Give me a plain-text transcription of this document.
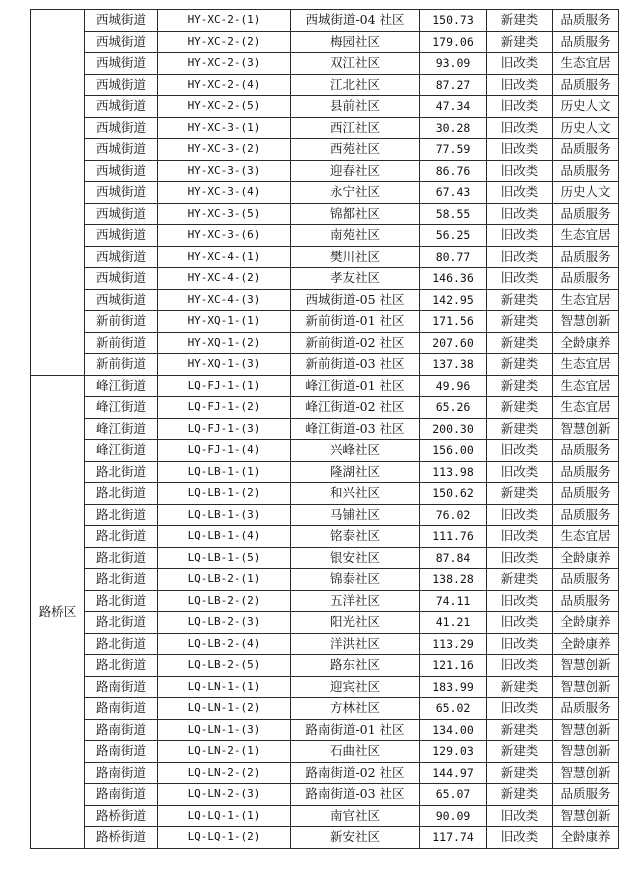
	西城街道	HY-XC-2-(1)	西城街道-04 社区	150.73	新建类	品质服务
	西城街道	HY-XC-2-(2)	梅园社区	179.06	新建类	品质服务
	西城街道	HY-XC-2-(3)	双江社区	93.09	旧改类	生态宜居
	西城街道	HY-XC-2-(4)	江北社区	87.27	旧改类	品质服务
	西城街道	HY-XC-2-(5)	县前社区	47.34	旧改类	历史人文
	西城街道	HY-XC-3-(1)	西江社区	30.28	旧改类	历史人文
	西城街道	HY-XC-3-(2)	西苑社区	77.59	旧改类	品质服务
	西城街道	HY-XC-3-(3)	迎春社区	86.76	旧改类	品质服务
	西城街道	HY-XC-3-(4)	永宁社区	67.43	旧改类	历史人文
	西城街道	HY-XC-3-(5)	锦都社区	58.55	旧改类	品质服务
	西城街道	HY-XC-3-(6)	南苑社区	56.25	旧改类	生态宜居
	西城街道	HY-XC-4-(1)	樊川社区	80.77	旧改类	品质服务
	西城街道	HY-XC-4-(2)	孝友社区	146.36	旧改类	品质服务
	西城街道	HY-XC-4-(3)	西城街道-05 社区	142.95	新建类	生态宜居
	新前街道	HY-XQ-1-(1)	新前街道-01 社区	171.56	新建类	智慧创新
	新前街道	HY-XQ-1-(2)	新前街道-02 社区	207.60	新建类	全龄康养
	新前街道	HY-XQ-1-(3)	新前街道-03 社区	137.38	新建类	生态宜居
路桥区	峰江街道	LQ-FJ-1-(1)	峰江街道-01 社区	49.96	新建类	生态宜居
	峰江街道	LQ-FJ-1-(2)	峰江街道-02 社区	65.26	新建类	生态宜居
	峰江街道	LQ-FJ-1-(3)	峰江街道-03 社区	200.30	新建类	智慧创新
	峰江街道	LQ-FJ-1-(4)	兴峰社区	156.00	旧改类	品质服务
	路北街道	LQ-LB-1-(1)	隆湖社区	113.98	旧改类	品质服务
	路北街道	LQ-LB-1-(2)	和兴社区	150.62	新建类	品质服务
	路北街道	LQ-LB-1-(3)	马铺社区	76.02	旧改类	品质服务
	路北街道	LQ-LB-1-(4)	铭泰社区	111.76	旧改类	生态宜居
	路北街道	LQ-LB-1-(5)	银安社区	87.84	旧改类	全龄康养
	路北街道	LQ-LB-2-(1)	锦泰社区	138.28	新建类	品质服务
	路北街道	LQ-LB-2-(2)	五洋社区	74.11	旧改类	品质服务
	路北街道	LQ-LB-2-(3)	阳光社区	41.21	旧改类	全龄康养
	路北街道	LQ-LB-2-(4)	洋洪社区	113.29	旧改类	全龄康养
	路北街道	LQ-LB-2-(5)	路东社区	121.16	旧改类	智慧创新
	路南街道	LQ-LN-1-(1)	迎宾社区	183.99	新建类	智慧创新
	路南街道	LQ-LN-1-(2)	方林社区	65.02	旧改类	品质服务
	路南街道	LQ-LN-1-(3)	路南街道-01 社区	134.00	新建类	智慧创新
	路南街道	LQ-LN-2-(1)	石曲社区	129.03	新建类	智慧创新
	路南街道	LQ-LN-2-(2)	路南街道-02 社区	144.97	新建类	智慧创新
	路南街道	LQ-LN-2-(3)	路南街道-03 社区	65.07	新建类	品质服务
	路桥街道	LQ-LQ-1-(1)	南官社区	90.09	旧改类	智慧创新
	路桥街道	LQ-LQ-1-(2)	新安社区	117.74	旧改类	全龄康养
